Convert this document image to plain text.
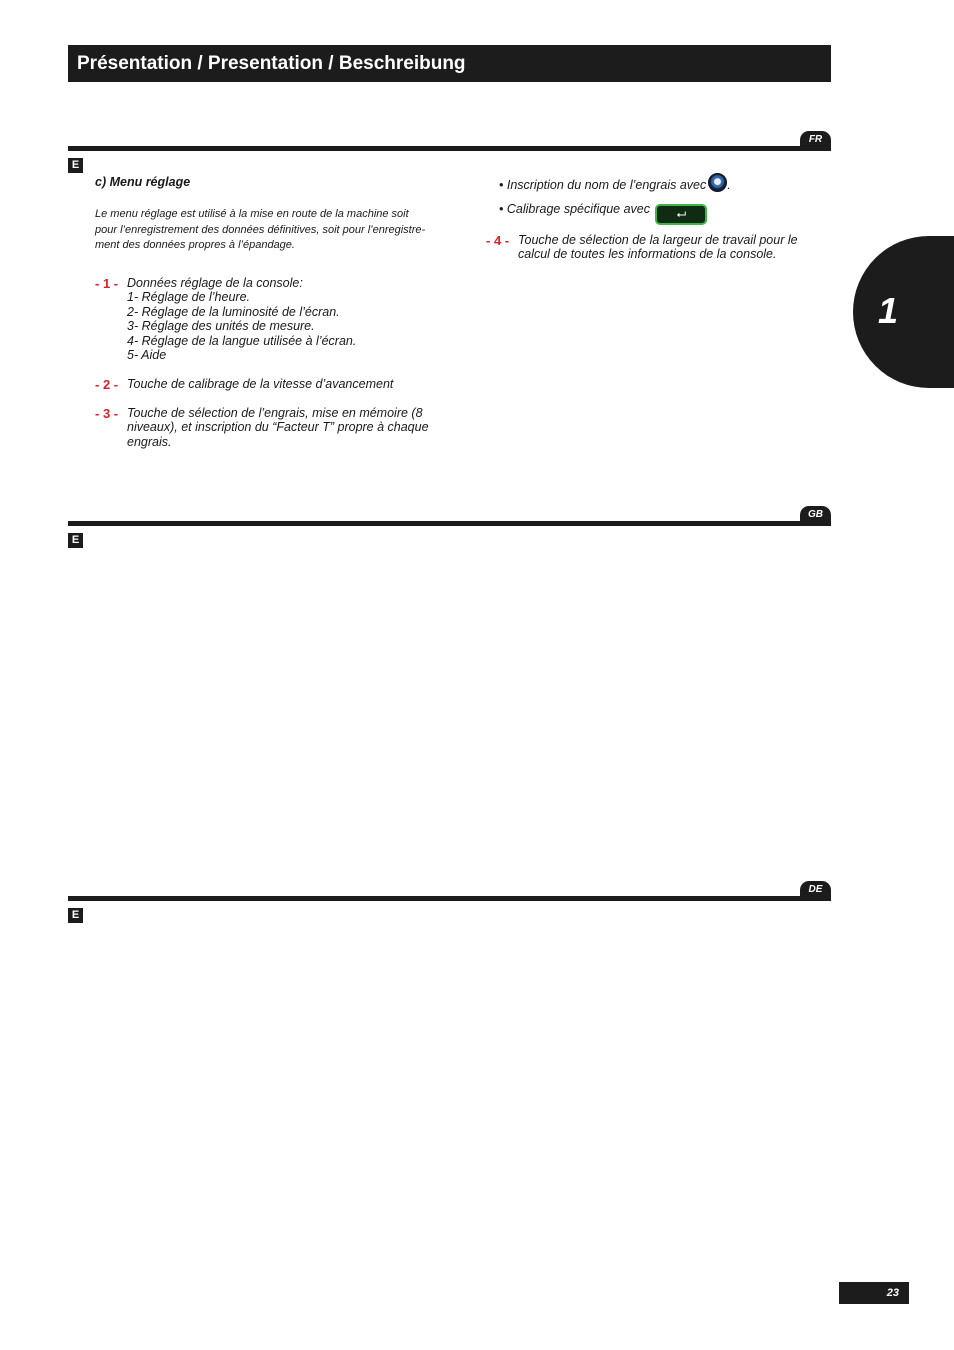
Présentation / Presentation / Beschreibung
1
FR
E
c) Menu réglage
Le menu réglage est utilisé à la mise en route de la machine soit
pour l’enregistrement des données définitives, soit pour l’enregistre-
ment des données propres à l’épandage.
- 1 - Données réglage de la console:
1- Réglage de l’heure.
2- Réglage de la luminosité de l’écran.
3- Réglage des unités de mesure.
4- Réglage de la langue utilisée à l’écran.
5- Aide
- 2 - Touche de calibrage de la vitesse d’avancement
- 3 - Touche de sélection de l’engrais, mise en mémoire (8
niveaux), et inscription du “Facteur T” propre à chaque
engrais.
• Inscription du nom de l’engrais avec .
• Calibrage spécifique avec ⮠
- 4 - Touche de sélection de la largeur de travail pour le
calcul de toutes les informations de la console.
GB
E
DE
E
23
